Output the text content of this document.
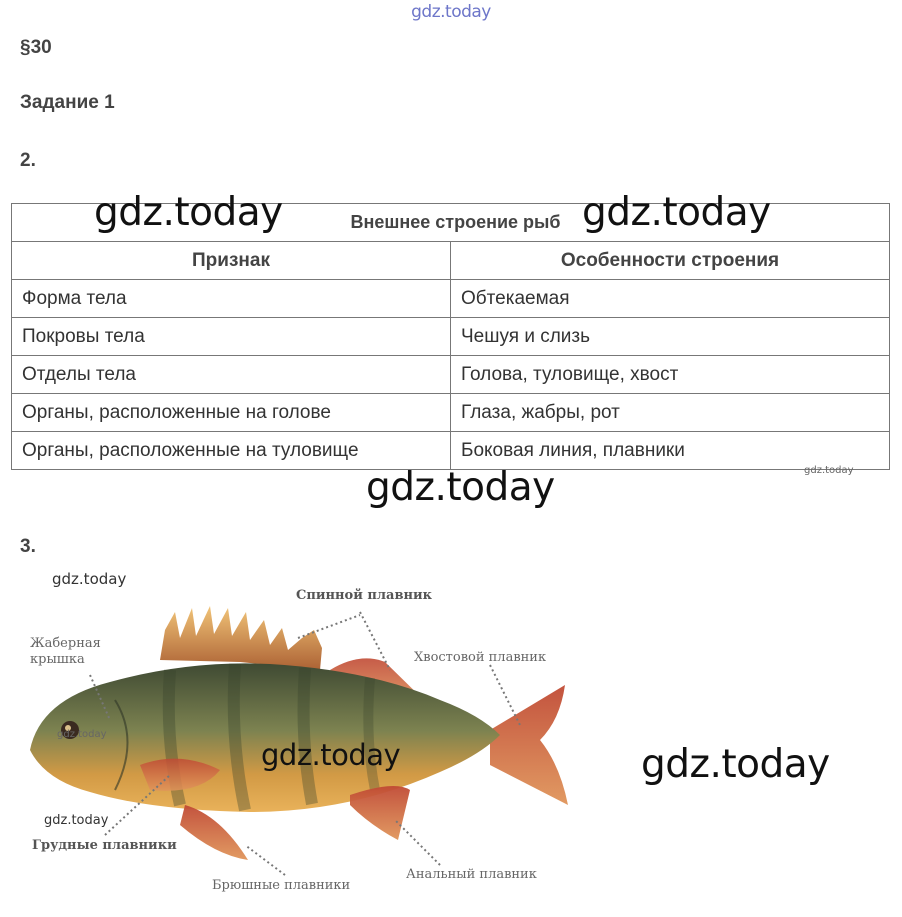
gdz.today
§30
Задание 1
2.
Внешнее строение рыб	
Признак	Особенности строения
Форма тела	Обтекаемая
Покровы тела	Чешуя и слизь
Отделы тела	Голова, туловище, хвост
Органы, расположенные на голове	Глаза, жабры, рот
Органы, расположенные на туловище	Боковая линия, плавники
gdz.today	gdz.today
gdz.today
gdz.today
3.
Спинной плавник
Жаберная
крышка	Хвостовой плавник
Грудные плавники
Брюшные плавники
Анальный плавник
gdz.today
gdz.today
gdz.today
gdz.today	gdz.today
